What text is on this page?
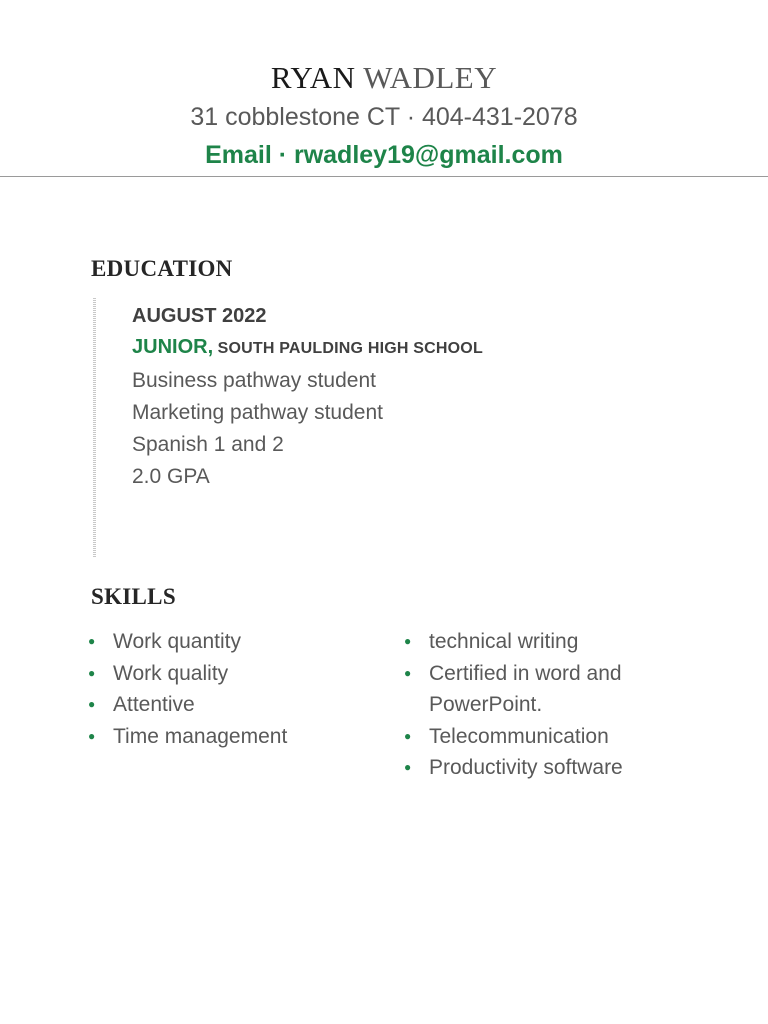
RYAN WADLEY
31 cobblestone CT · 404-431-2078
Email · rwadley19@gmail.com
EDUCATION
AUGUST 2022
JUNIOR, SOUTH PAULDING HIGH SCHOOL
Business pathway student
Marketing pathway student
Spanish 1 and 2
2.0 GPA
SKILLS
● Work quantity
● Work quality
● Attentive
● Time management
● technical writing
● Certified in word and PowerPoint.
● Telecommunication
● Productivity software
